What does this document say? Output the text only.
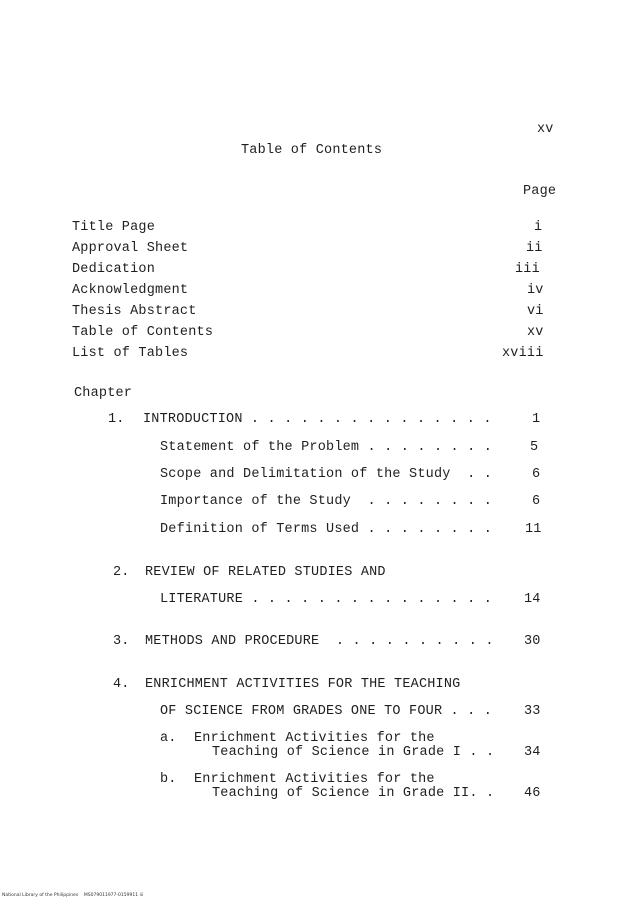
xv
Table of Contents
Page
Title Page	i
Approval Sheet	ii
Dedication	iii
Acknowledgment	iv
Thesis Abstract	vi
Table of Contents	xv
List of Tables	xviii
Chapter
1. INTRODUCTION . . . . . . . . . . . . . . .	1
Statement of the Problem . . . . . . . .	5
Scope and Delimitation of the Study  . .	6
Importance of the Study  . . . . . . . .	6
Definition of Terms Used . . . . . . . . 11
2. REVIEW OF RELATED STUDIES AND
LITERATURE . . . . . . . . . . . . . . . 14
3. METHODS AND PROCEDURE  . . . . . . . . . . 30
4. ENRICHMENT ACTIVITIES FOR THE TEACHING
OF SCIENCE FROM GRADES ONE TO FOUR . . . 33
a. Enrichment Activities for the
Teaching of Science in Grade I . . 34
b. Enrichment Activities for the
Teaching of Science in Grade II. . 46
National Library of the Philippines    MS079011977-0159911 iii
